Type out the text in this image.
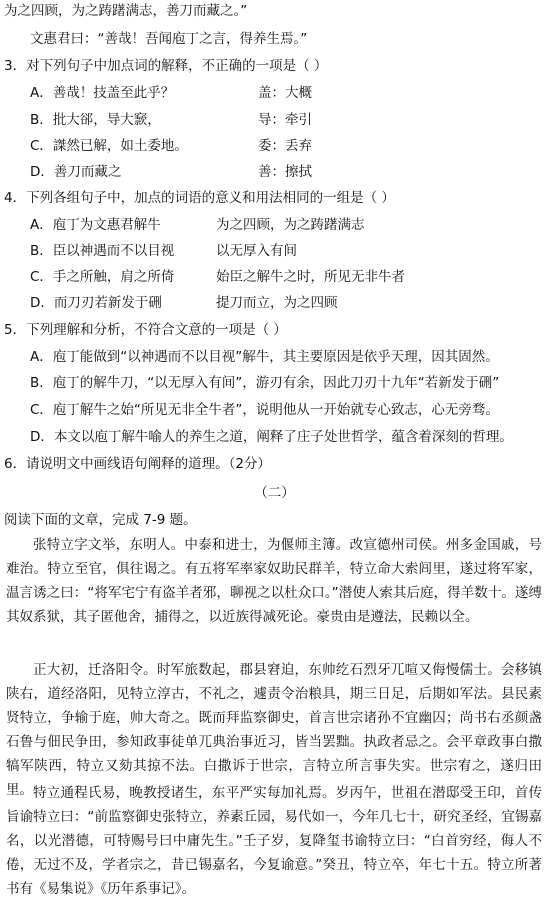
为之四顾，为之踌躇满志，善刀而藏之。”
文惠君曰：“善哉！吾闻庖丁之言，得养生焉。”
3．对下列句子中加点词的解释，不正确的一项是（ ）
A．善哉！技盖至此乎？	盖：大概
B．批大郤，导大窾，	导：牵引
C．謋然已解，如土委地。	委：丢弃
D．善刀而藏之	善：擦拭
4．下列各组句子中，加点的词语的意义和用法相同的一组是（ ）
A．庖丁为文惠君解牛	为之四顾，为之踌躇满志
B．臣以神遇而不以目视	以无厚入有间
C．手之所触，肩之所倚	始臣之解牛之时，所见无非牛者
D．而刀刃若新发于硎	提刀而立，为之四顾
5．下列理解和分析，不符合文意的一项是（ ）
A．庖丁能做到“以神遇而不以目视”解牛，其主要原因是依乎天理，因其固然。
B．庖丁的解牛刀，“以无厚入有间”，游刃有余，因此刀刃十九年“若新发于硎”
C．庖丁解牛之始“所见无非全牛者”，说明他从一开始就专心致志，心无旁骛。
D．本文以庖丁解牛喻人的养生之道，阐释了庄子处世哲学，蕴含着深刻的哲理。
6．请说明文中画线语句阐释的道理。（2分）
（二）
阅读下面的文章，完成 7-9 题。
张特立字文举，东明人。中泰和进士，为偃师主簿。改宣德州司侯。州多金国戚，号难治。特立至官，俱往谒之。有五将军率家奴助民群羊，特立命大索闾里，遂过将军家，温言诱之曰：“将军宅宁有盗羊者邪，聊视之以杜众口。”潜使人索其后庭，得羊数十。遂缚其奴系狱，其子匿他舍，捕得之，以近族得减死论。豪贵由是遵法，民赖以全。
正大初，迁洛阳令。时军旅数起，郡县窘迫，东帅纥石烈牙兀喧又侮慢儒士。会移镇陕右，道经洛阳，见特立淳古，不礼之，遽责令治粮具，期三日足，后期如军法。县民素贤特立，争输于庭，帅大奇之。既而拜监察御史，首言世宗诸孙不宜幽囚；尚书右丞颜盏石鲁与佃民争田，参知政事徒单兀典治事近习，皆当罢黜。执政者忌之。会平章政事白撒犒军陕西，特立又劾其掠不法。白撒诉于世宗，言特立所言事失实。世宗宥之，遂归田里。 特立通程氏易，晚教授诸生，东平严实每加礼焉。岁丙午，世祖在潜邸受王印，首传旨谕特立曰：“前监察御史张特立，养素丘园，易代如一，今年几七十，研究圣经，宜锡嘉名，以光潜德，可特赐号曰中庸先生。”壬子岁，复降玺书谕特立曰：“白首穷经，侮人不倦，无过不及，学者宗之，昔已锡嘉名，今复谕意。”癸丑，特立卒，年七十五。特立所著书有《易集说》《历年系事记》。
